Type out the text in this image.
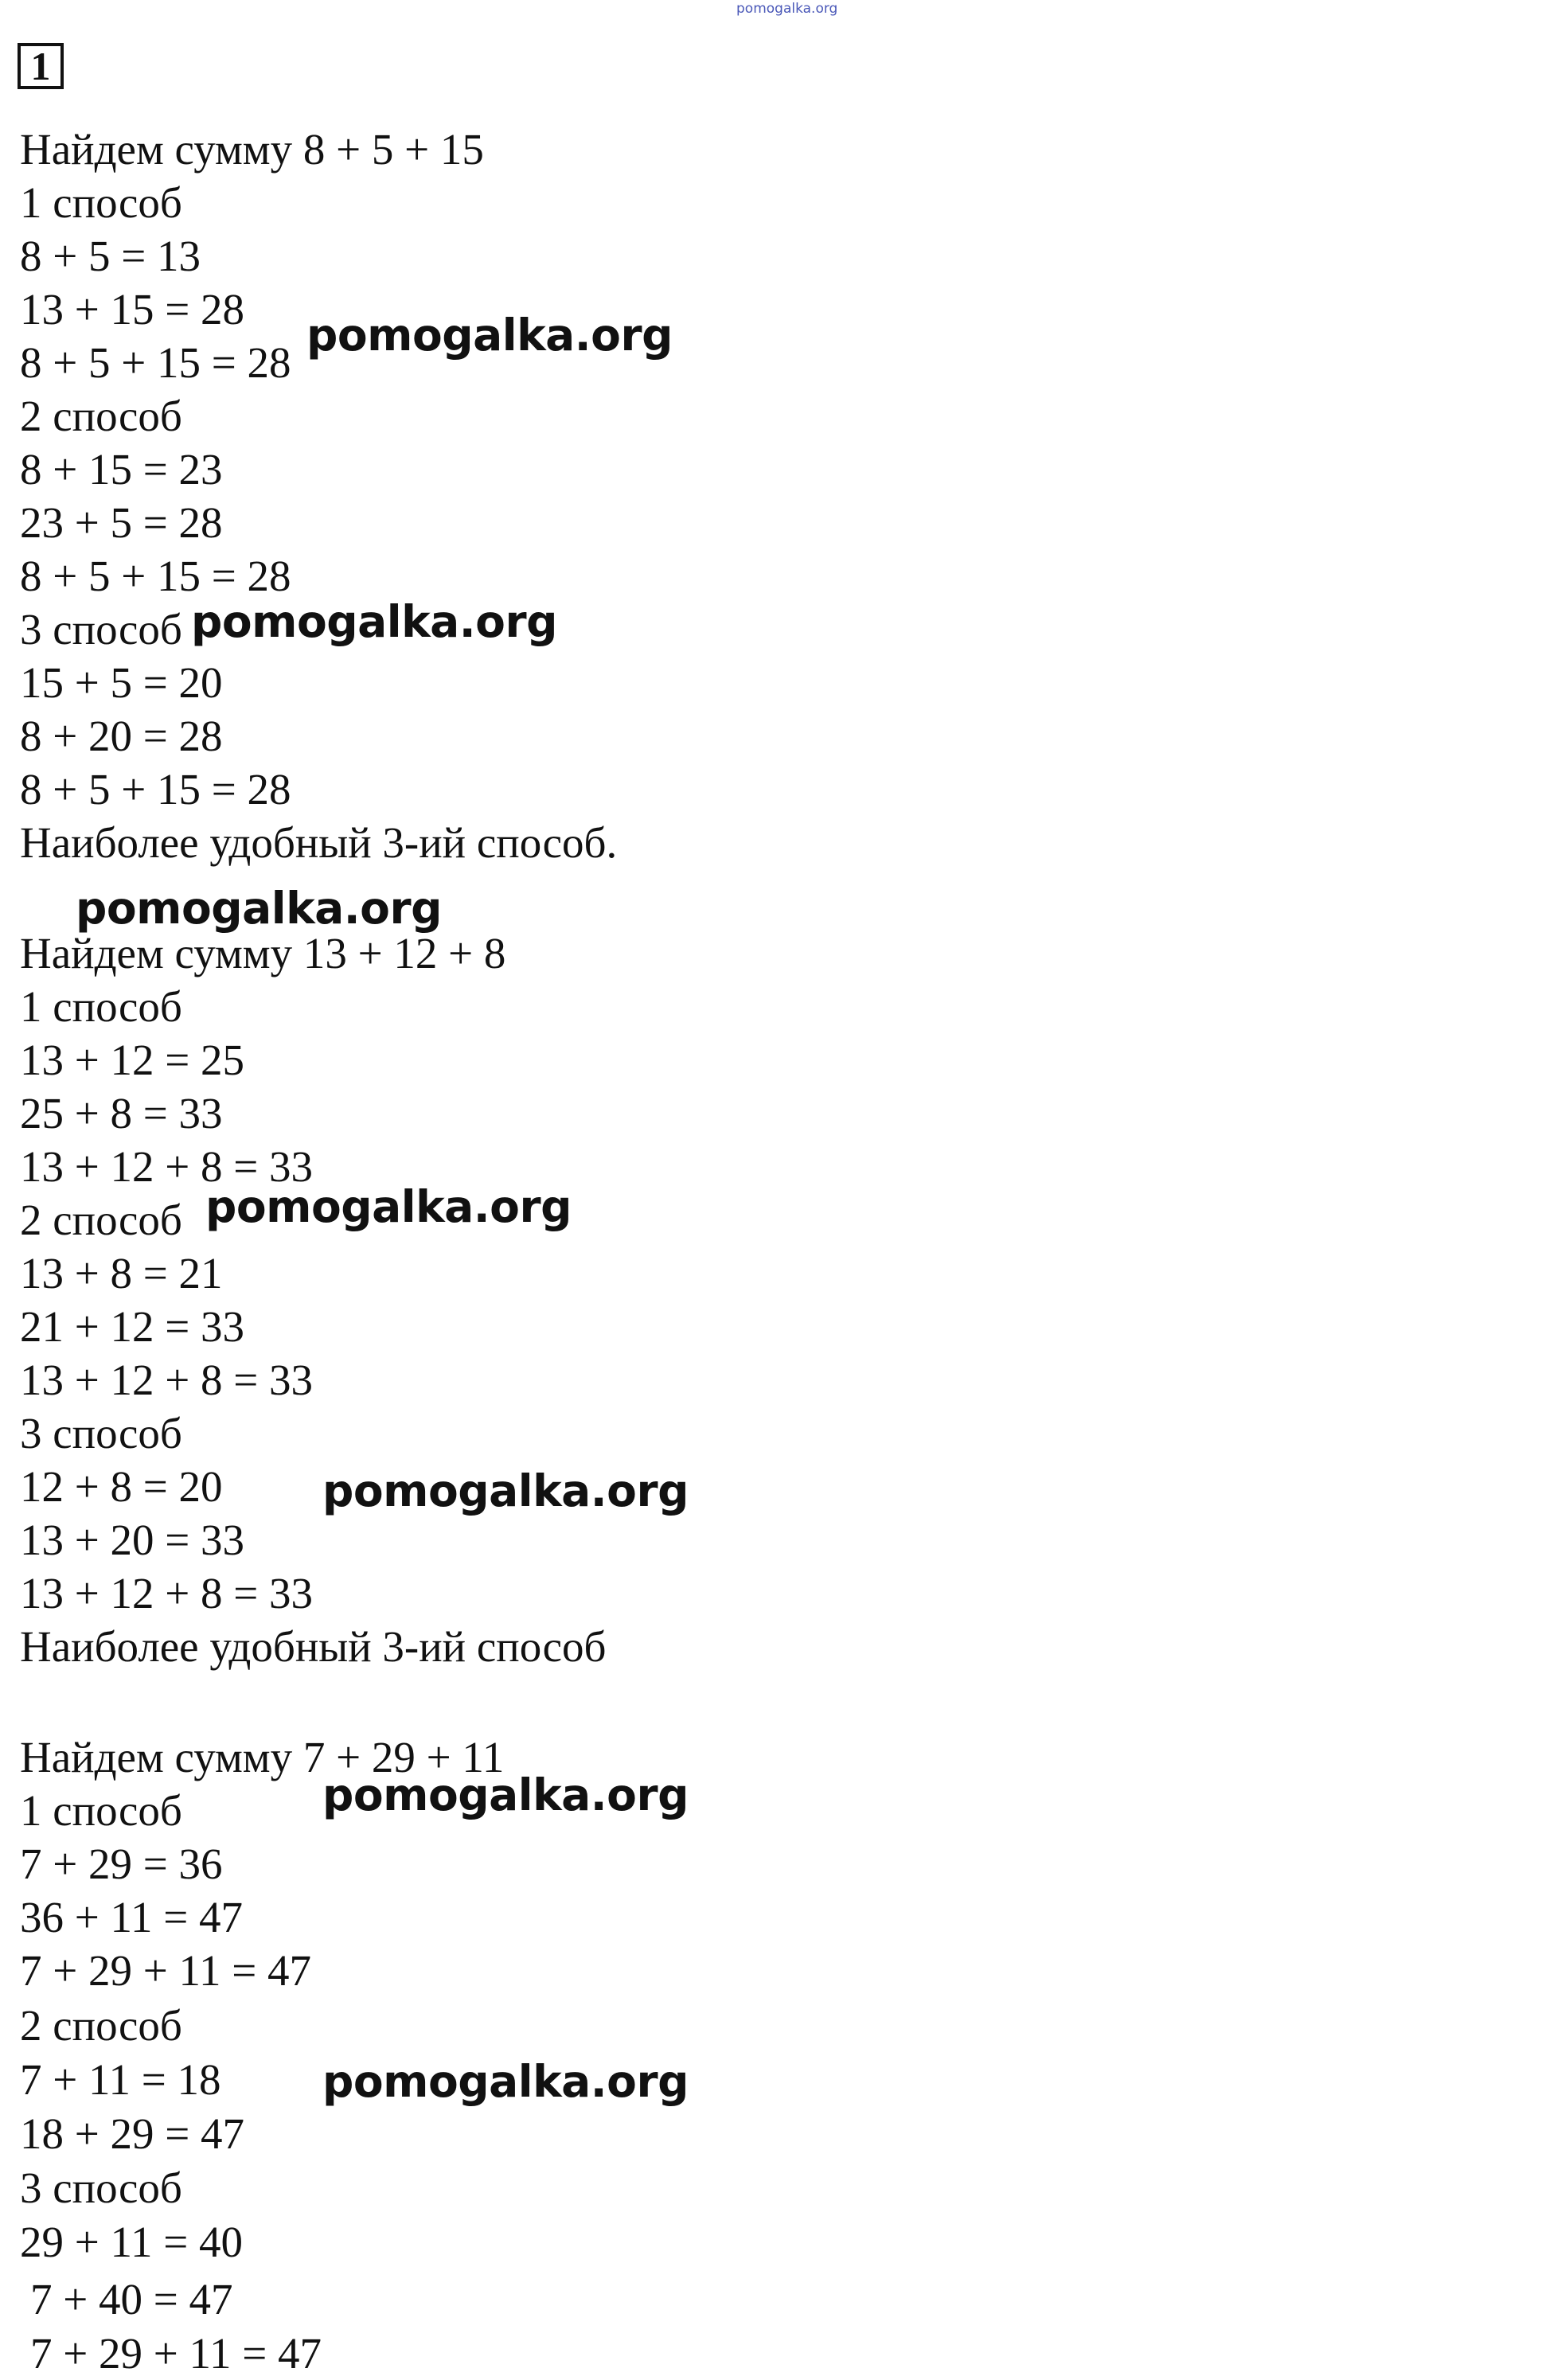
pomogalka.org
1
Найдем сумму 8 + 5 + 15
1 способ
8 + 5 = 13
13 + 15 = 28
8 + 5 + 15 = 28
2 способ
8 + 15 = 23
23 + 5 = 28
8 + 5 + 15 = 28
3 способ
15 + 5 = 20
8 + 20 = 28
8 + 5 + 15 = 28
Наиболее удобный 3-ий способ.
Найдем сумму 13 + 12 + 8
1 способ
13 + 12 = 25
25 + 8 = 33
13 + 12 + 8 = 33
2 способ
13 + 8 = 21
21 + 12 = 33
13 + 12 + 8 = 33
3 способ
12 + 8 = 20
13 + 20 = 33
13 + 12 + 8 = 33
Наиболее удобный 3-ий способ
Найдем сумму 7 + 29 + 11
1 способ
7 + 29 = 36
36 + 11 = 47
7 + 29 + 11 = 47
2 способ
7 + 11 = 18
18 + 29 = 47
3 способ
29 + 11 = 40
7 + 40 = 47
7 + 29 + 11 = 47
pomogalka.org
pomogalka.org
pomogalka.org
pomogalka.org
pomogalka.org
pomogalka.org
pomogalka.org
